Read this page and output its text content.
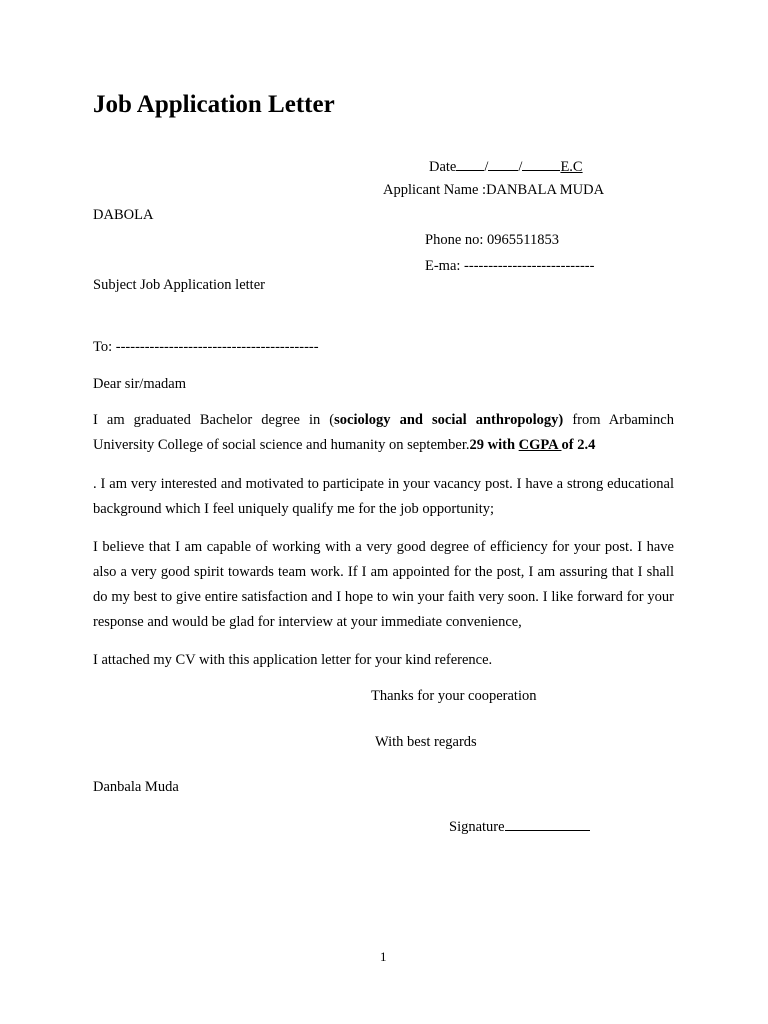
Job Application Letter
Date / /	E.C
Applicant Name :DANBALA MUDA
DABOLA
Phone no: 0965511853
E-ma: ---------------------------
Subject Job Application letter
To: ------------------------------------------
Dear sir/madam
I am graduated Bachelor degree in (sociology and social anthropology) from Arbaminch University College of social science and humanity on september.29 with CGPA of 2.4
. I am very interested and motivated to participate in your vacancy post. I have a strong educational background which I feel uniquely qualify me for the job opportunity;
I believe that I am capable of working with a very good degree of efficiency for your post. I have also a very good spirit towards team work. If I am appointed for the post, I am assuring that I shall do my best to give entire satisfaction and I hope to win your faith very soon. I like forward for your response and would be glad for interview at your immediate convenience,
I attached my CV with this application letter for your kind reference.
Thanks for your cooperation
With best regards
Danbala Muda
Signature
1
